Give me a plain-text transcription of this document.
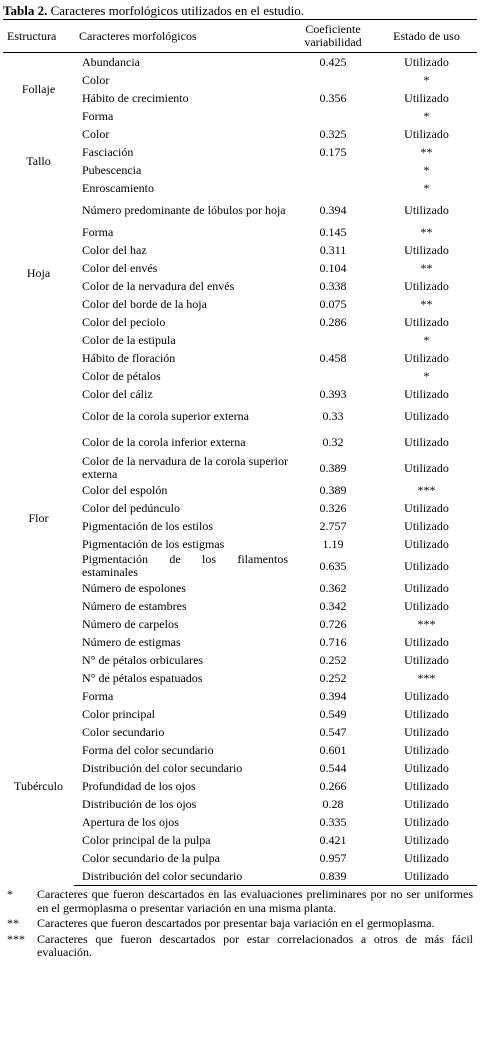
Tabla 2. Caracteres morfológicos utilizados en el estudio.
Estructura	Caracteres morfológicos	Coeficiente variabilidad	Estado de uso
Follaje	Abundancia	0.425	Utilizado
	Color		*
	Hábito de crecimiento	0.356	Utilizado
	Forma		*
Tallo	Color	0.325	Utilizado
	Fasciación	0.175	**
	Pubescencia		*
	Enroscamiento		*
Hoja	Número predominante de lóbulos por hoja	0.394	Utilizado
	Forma	0.145	**
	Color del haz	0.311	Utilizado
	Color del envés	0.104	**
	Color de la nervadura del envés	0.338	Utilizado
	Color del borde de la hoja	0.075	**
	Color del peciolo	0.286	Utilizado
	Color de la estipula		*
Flor	Hábito de floración	0.458	Utilizado
	Color de pétalos		*
	Color del cáliz	0.393	Utilizado
	Color de la corola superior externa	0.33	Utilizado
	Color de la corola inferior externa	0.32	Utilizado
	Color de la nervadura de la corola superior externa	0.389	Utilizado
	Color del espolón	0.389	***
	Color del pedúnculo	0.326	Utilizado
	Pigmentación de los estilos	2.757	Utilizado
	Pigmentación de los estigmas	1.19	Utilizado
	Pigmentación de los filamentos estaminales	0.635	Utilizado
	Número de espolones	0.362	Utilizado
	Número de estambres	0.342	Utilizado
	Número de carpelos	0.726	***
	Número de estigmas	0.716	Utilizado
	N° de pétalos orbiculares	0.252	Utilizado
	N° de pétalos espatuados	0.252	***
Tubérculo	Forma	0.394	Utilizado
	Color principal	0.549	Utilizado
	Color secundario	0.547	Utilizado
	Forma del color secundario	0.601	Utilizado
	Distribución del color secundario	0.544	Utilizado
	Profundidad de los ojos	0.266	Utilizado
	Distribución de los ojos	0.28	Utilizado
	Apertura de los ojos	0.335	Utilizado
	Color principal de la pulpa	0.421	Utilizado
	Color secundario de la pulpa	0.957	Utilizado
	Distribución del color secundario	0.839	Utilizado
*	Caracteres que fueron descartados en las evaluaciones preliminares por no ser uniformes en el germoplasma o presentar variación en una misma planta.
**	Caracteres que fueron descartados por presentar baja variación en el germoplasma.
***	Caracteres que fueron descartados por estar correlacionados a otros de más fácil evaluación.
